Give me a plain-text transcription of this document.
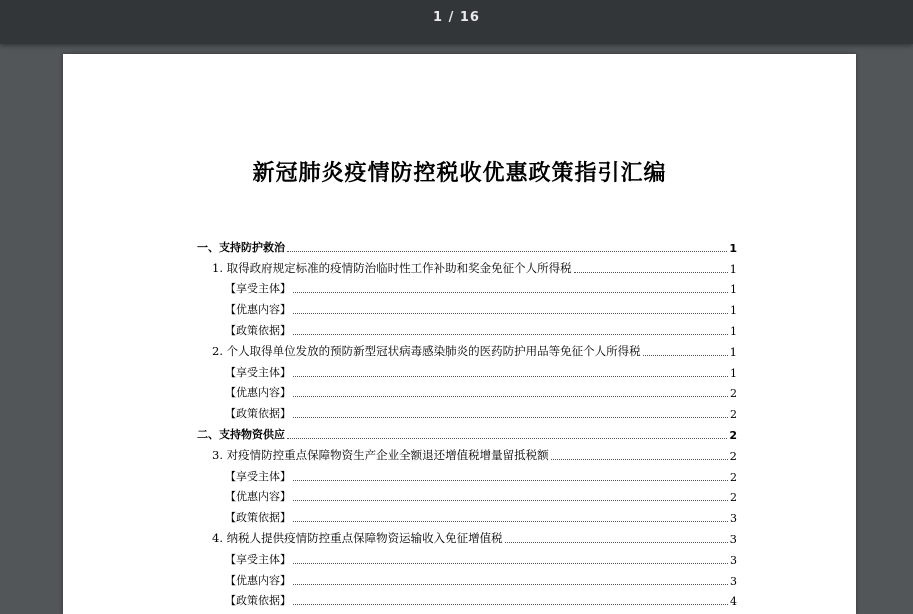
1 / 16
新冠肺炎疫情防控税收优惠政策指引汇编
一、支持防护救治	1
1. 取得政府规定标准的疫情防治临时性工作补助和奖金免征个人所得税	1
【享受主体】	1
【优惠内容】	1
【政策依据】	1
2. 个人取得单位发放的预防新型冠状病毒感染肺炎的医药防护用品等免征个人所得税	1
【享受主体】	1
【优惠内容】	2
【政策依据】	2
二、支持物资供应	2
3. 对疫情防控重点保障物资生产企业全额退还增值税增量留抵税额	2
【享受主体】	2
【优惠内容】	2
【政策依据】	3
4. 纳税人提供疫情防控重点保障物资运输收入免征增值税	3
【享受主体】	3
【优惠内容】	3
【政策依据】	4
